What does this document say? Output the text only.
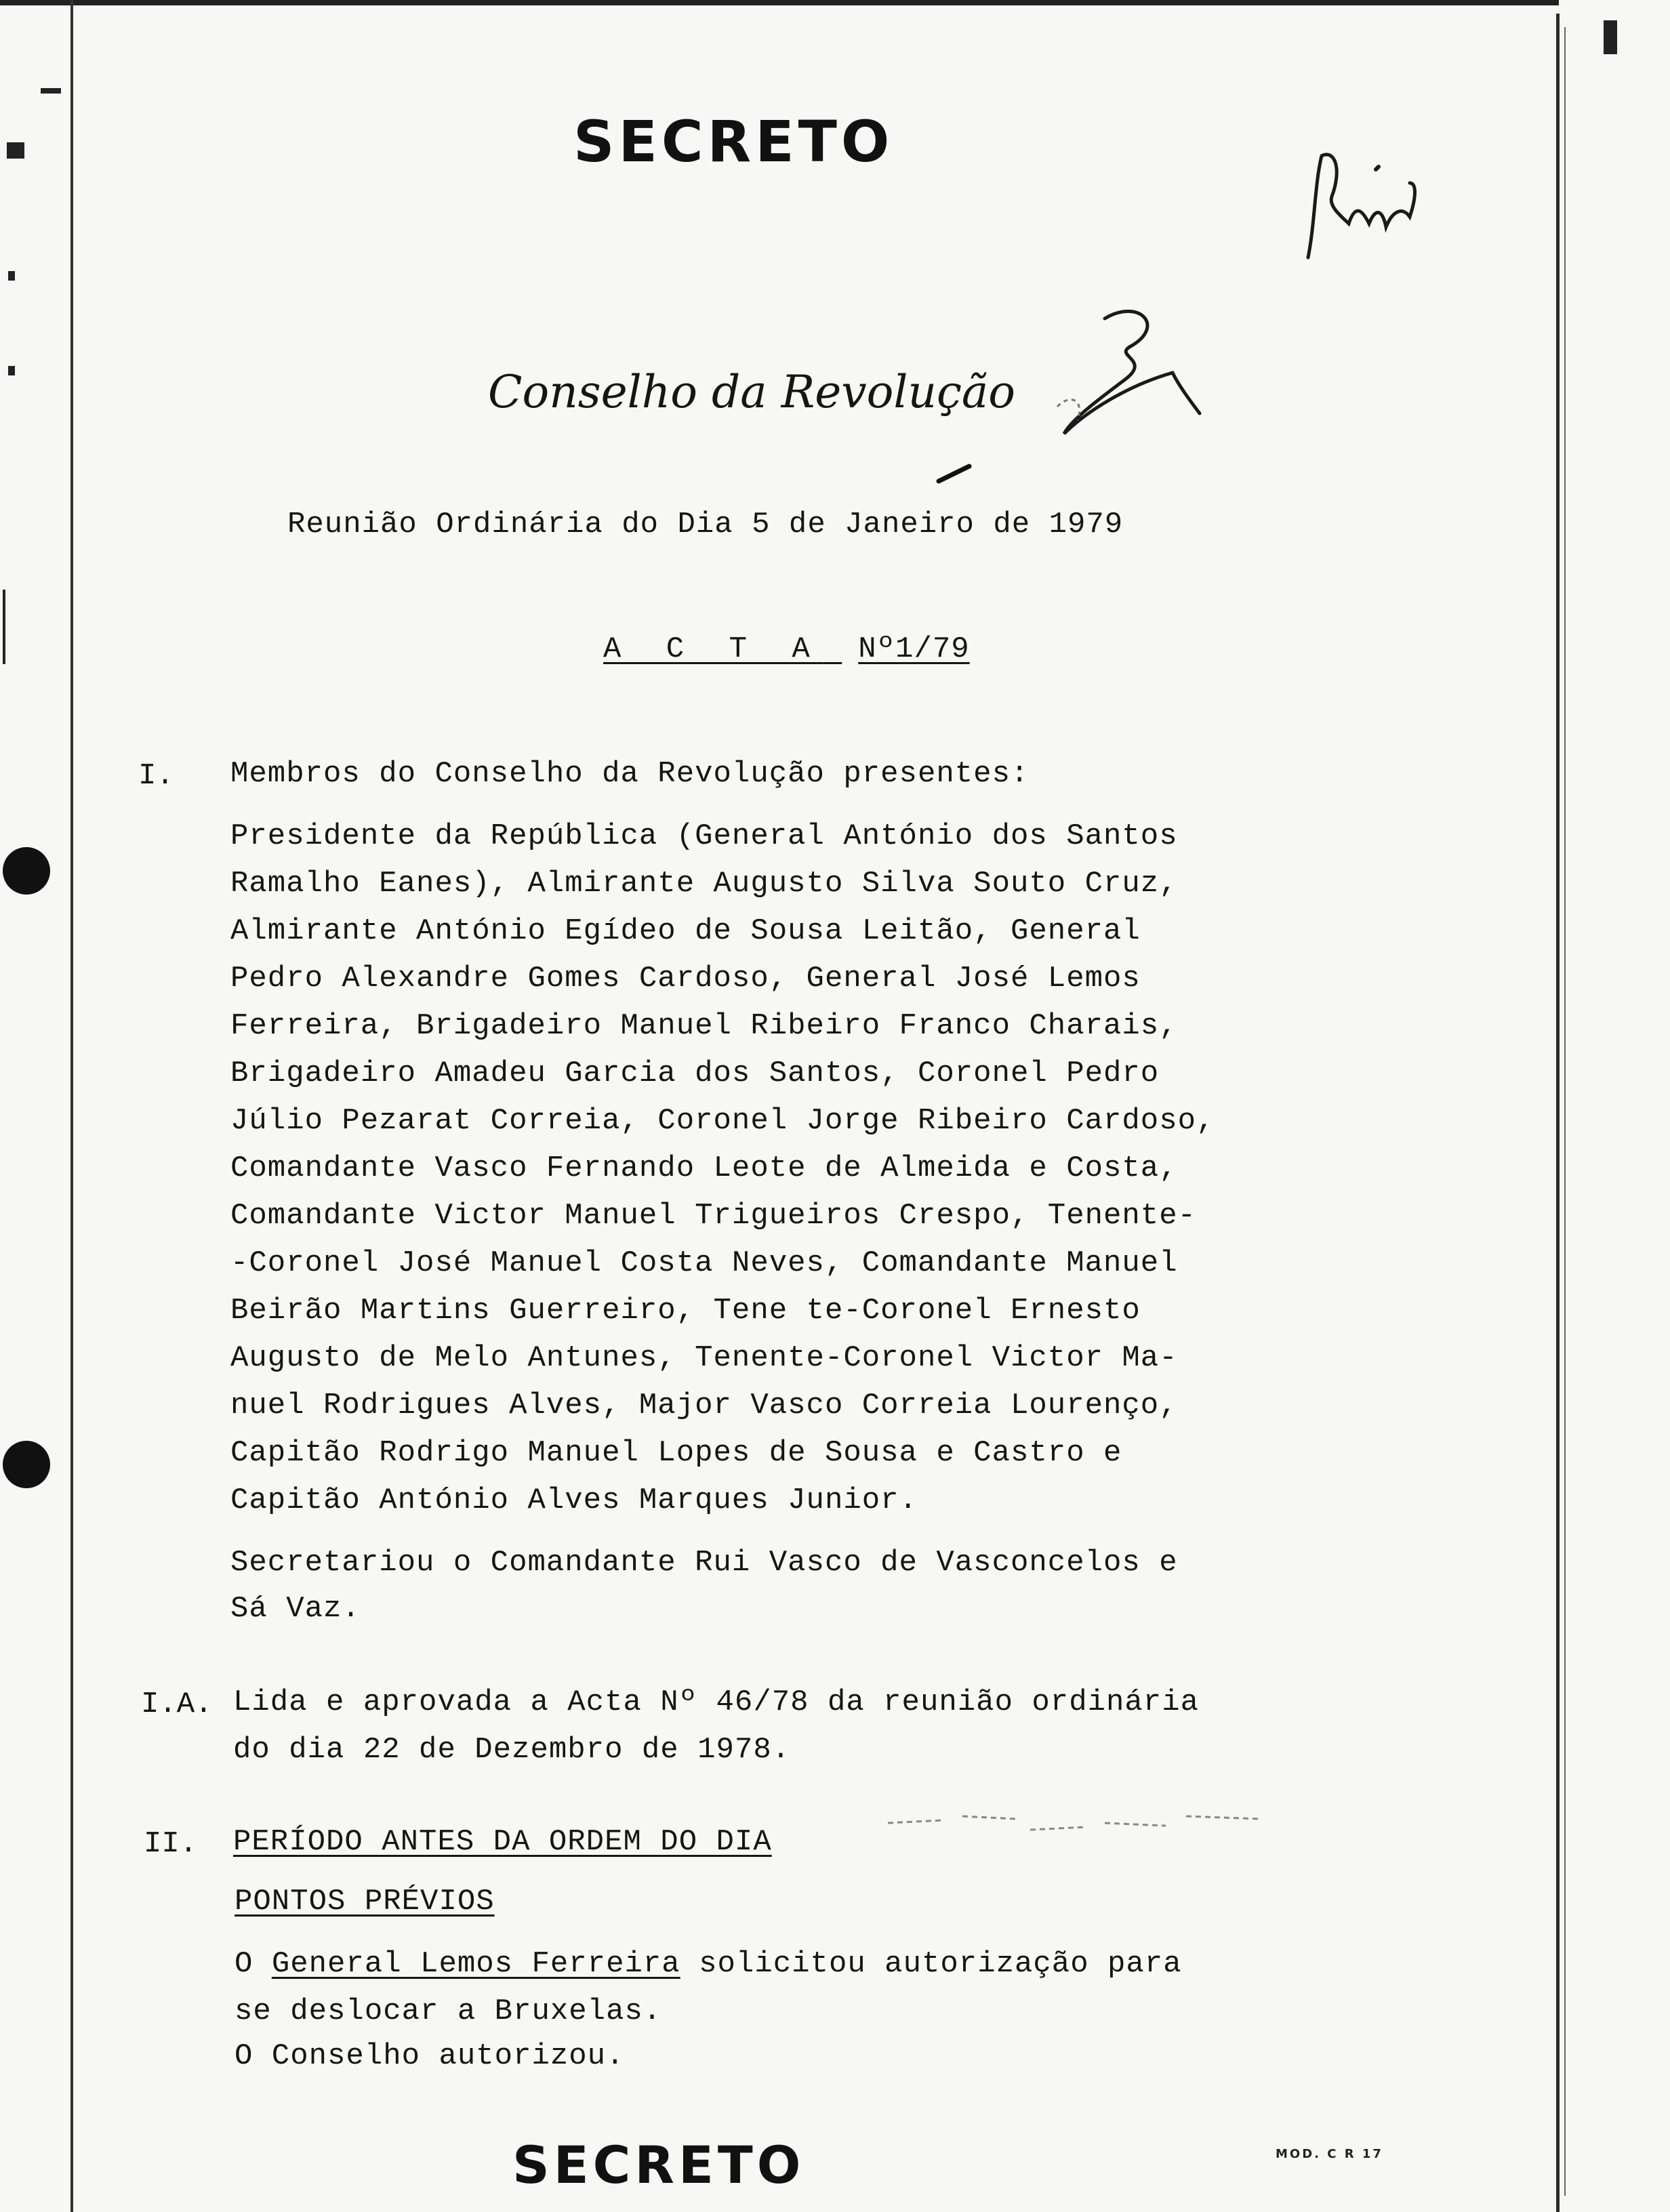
SECRETO
Conselho da Revolução
Reunião Ordinária do Dia 5 de Janeiro de 1979
A C T A Nº1/79
I. Membros do Conselho da Revolução presentes:
Presidente da República (General António dos Santos
Ramalho Eanes), Almirante Augusto Silva Souto Cruz,
Almirante António Egídeo de Sousa Leitão, General
Pedro Alexandre Gomes Cardoso, General José Lemos
Ferreira, Brigadeiro Manuel Ribeiro Franco Charais,
Brigadeiro Amadeu Garcia dos Santos, Coronel Pedro
Júlio Pezarat Correia, Coronel Jorge Ribeiro Cardoso,
Comandante Vasco Fernando Leote de Almeida e Costa,
Comandante Victor Manuel Trigueiros Crespo, Tenente-
-Coronel José Manuel Costa Neves, Comandante Manuel
Beirão Martins Guerreiro, Tene te-Coronel Ernesto
Augusto de Melo Antunes, Tenente-Coronel Victor Ma-
nuel Rodrigues Alves, Major Vasco Correia Lourenço,
Capitão Rodrigo Manuel Lopes de Sousa e Castro e
Capitão António Alves Marques Junior.
Secretariou o Comandante Rui Vasco de Vasconcelos e
Sá Vaz.
I.A. Lida e aprovada a Acta Nº 46/78 da reunião ordinária
do dia 22 de Dezembro de 1978.
II. PERÍODO ANTES DA ORDEM DO DIA
PONTOS PRÉVIOS
O General Lemos Ferreira solicitou autorização para
se deslocar a Bruxelas.
O Conselho autorizou.
SECRETO	MOD. C R 17
